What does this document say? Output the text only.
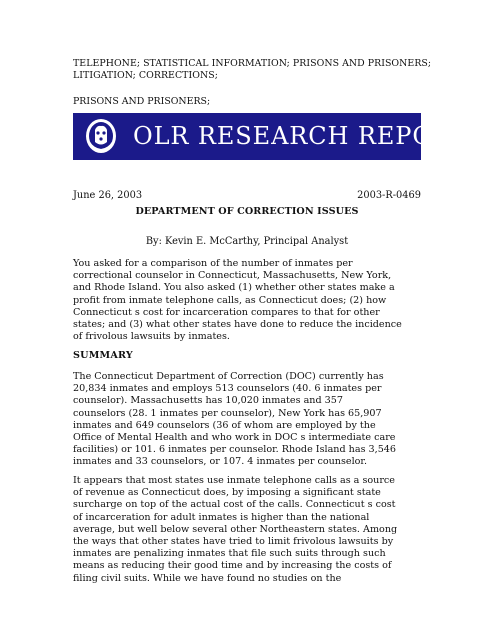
TELEPHONE; STATISTICAL INFORMATION; PRISONS AND PRISONERS;
LITIGATION; CORRECTIONS;
PRISONS AND PRISONERS;
OLR RESEARCH REPORT
June 26, 2003	2003-R-0469
DEPARTMENT OF CORRECTION ISSUES
By: Kevin E. McCarthy, Principal Analyst

You asked for a comparison of the number of inmates per
correctional counselor in Connecticut, Massachusetts, New York,
and Rhode Island. You also asked (1) whether other states make a
profit from inmate telephone calls, as Connecticut does; (2) how
Connecticut s cost for incarceration compares to that for other
states; and (3) what other states have done to reduce the incidence
of frivolous lawsuits by inmates.

SUMMARY

The Connecticut Department of Correction (DOC) currently has
20,834 inmates and employs 513 counselors (40. 6 inmates per
counselor). Massachusetts has 10,020 inmates and 357
counselors (28. 1 inmates per counselor), New York has 65,907
inmates and 649 counselors (36 of whom are employed by the
Office of Mental Health and who work in DOC s intermediate care
facilities) or 101. 6 inmates per counselor. Rhode Island has 3,546
inmates and 33 counselors, or 107. 4 inmates per counselor.

It appears that most states use inmate telephone calls as a source
of revenue as Connecticut does, by imposing a significant state
surcharge on top of the actual cost of the calls. Connecticut s cost
of incarceration for adult inmates is higher than the national
average, but well below several other Northeastern states. Among
the ways that other states have tried to limit frivolous lawsuits by
inmates are penalizing inmates that file such suits through such
means as reducing their good time and by increasing the costs of
filing civil suits. While we have found no studies on the
